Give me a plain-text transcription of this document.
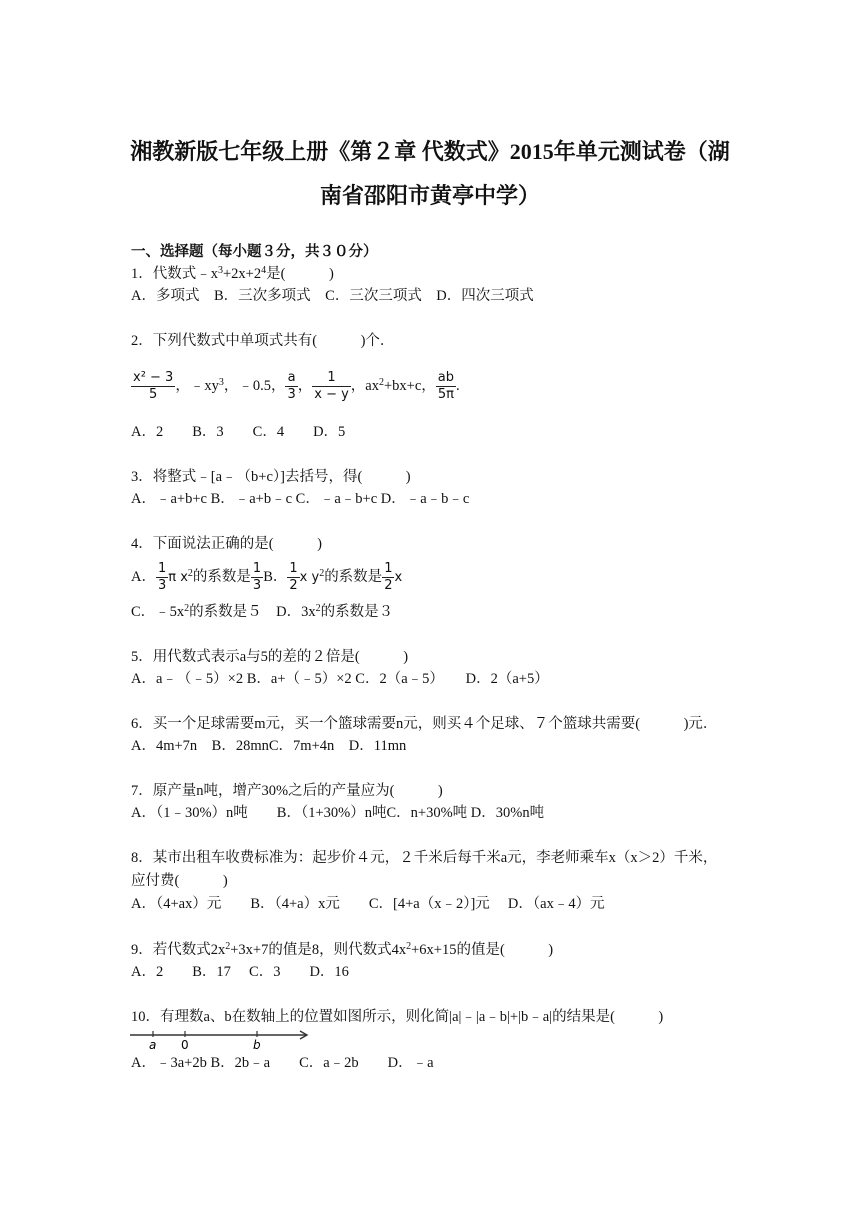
湘教新版七年级上册《第２章 代数式》2015年单元测试卷（湖
南省邵阳市黄亭中学）
一、选择题（每小题３分，共３０分）
1．代数式$﹣x^3+2x+2^4$是(　　　)
A．多项式　B．三次多项式　C．三次三项式　D．四次三项式
2．下列代数式中单项式共有(　　　)个．
$\frac{\text{x² − 3}}{5}$ ，$﹣xy^3$，﹣0.5， $\frac{a}{3}$ ， $\frac{1}{x - y}$ ，$ax^2+bx+c$， $\frac{ab}{5\pi}$ .
A．2　　B．3　　C．4　　D．5
3．将整式﹣[a﹣（b+c）]去括号，得(　　　)
A．﹣a+b+c B．﹣a+b﹣c C．﹣a﹣b+c D．﹣a﹣b﹣c
4．下面说法正确的是(　　　)
A． $\frac{1}{3}$ π $x^2$的系数是 $\frac{1}{3}$ B． $\frac{1}{2}$ x $y^2$的系数是 $\frac{1}{2}$ x
C．$﹣5x^2$的系数是５　D．$3x^2$的系数是３
5．用代数式表示a与5的差的２倍是(　　　)
A．a﹣（﹣5）×2 B．a+（﹣5）×2 C．2（a﹣5）　　D．2（a+5）
6．买一个足球需要m元，买一个篮球需要n元，则买４个足球、７个篮球共需要(　　　)元．
A．4m+7n　B．28mnC．7m+4n　D．11mn
7．原产量n吨，增产30%之后的产量应为(　　　)
A．（1﹣30%）n吨　　B．（1+30%）n吨C．n+30%吨 D．30%n吨
8．某市出租车收费标准为：起步价４元，２千米后每千米a元，李老师乘车x（x＞2）千米，
应付费(　　　)
A．（4+ax）元　　B．（4+a）x元　　C．[4+a（x﹣2）]元　 D．（ax﹣4）元
9．若代数式$2x^2+3x+7$的值是8，则代数式$4x^2+6x+15$的值是(　　　)
A．2　　B．17　 C．3　　D．16
10．有理数a、b在数轴上的位置如图所示，则化简|a|﹣|a﹣b|+|b﹣a|的结果是(　　　)
a 0	b
A．﹣3a+2b B．2b﹣a　　C．a﹣2b　　D．﹣a
